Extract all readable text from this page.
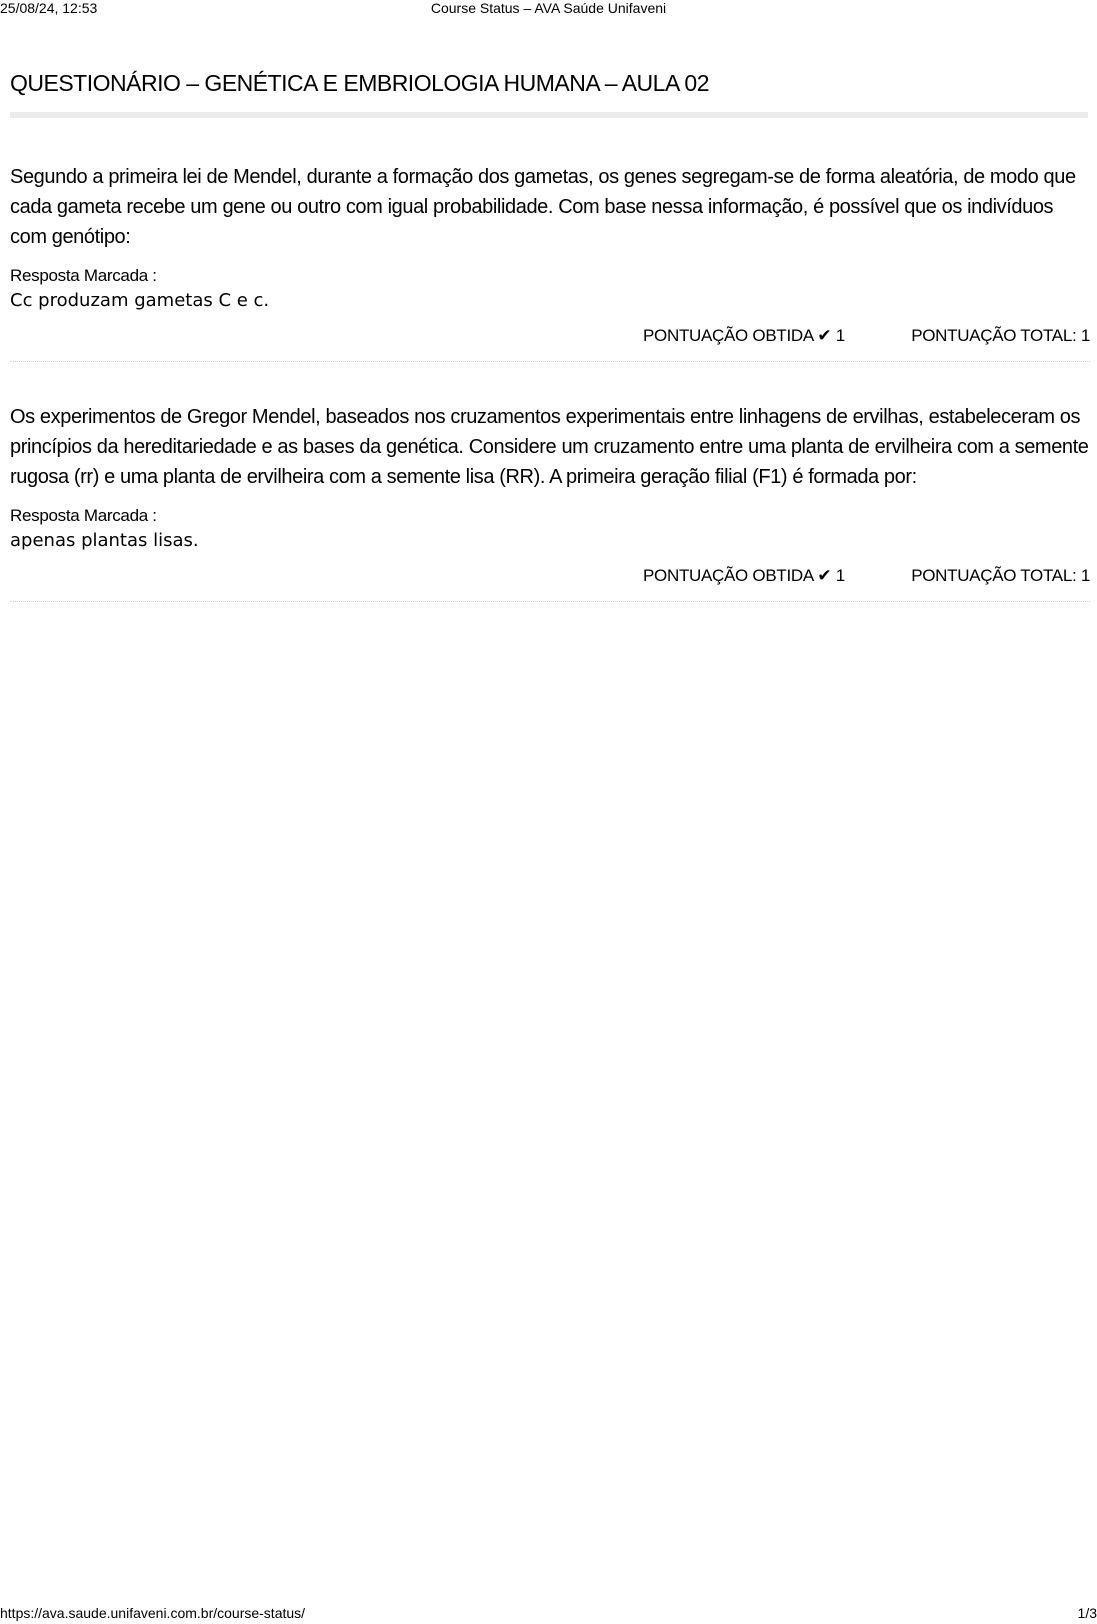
25/08/24, 12:53	Course Status – AVA Saúde Unifaveni
QUESTIONÁRIO – GENÉTICA E EMBRIOLOGIA HUMANA – AULA 02

Segundo a primeira lei de Mendel, durante a formação dos gametas, os genes segregam-se de forma aleatória, de modo que cada gameta recebe um gene ou outro com igual probabilidade. Com base nessa informação, é possível que os indivíduos com genótipo:

Resposta Marcada :
Cc produzam gametas C e c.
PONTUAÇÃO OBTIDA ✔ 1	PONTUAÇÃO TOTAL: 1

Os experimentos de Gregor Mendel, baseados nos cruzamentos experimentais entre linhagens de ervilhas, estabeleceram os princípios da hereditariedade e as bases da genética. Considere um cruzamento entre uma planta de ervilheira com a semente rugosa (rr) e uma planta de ervilheira com a semente lisa (RR). A primeira geração filial (F1) é formada por:

Resposta Marcada :
apenas plantas lisas.
PONTUAÇÃO OBTIDA ✔ 1	PONTUAÇÃO TOTAL: 1
https://ava.saude.unifaveni.com.br/course-status/	1/3
